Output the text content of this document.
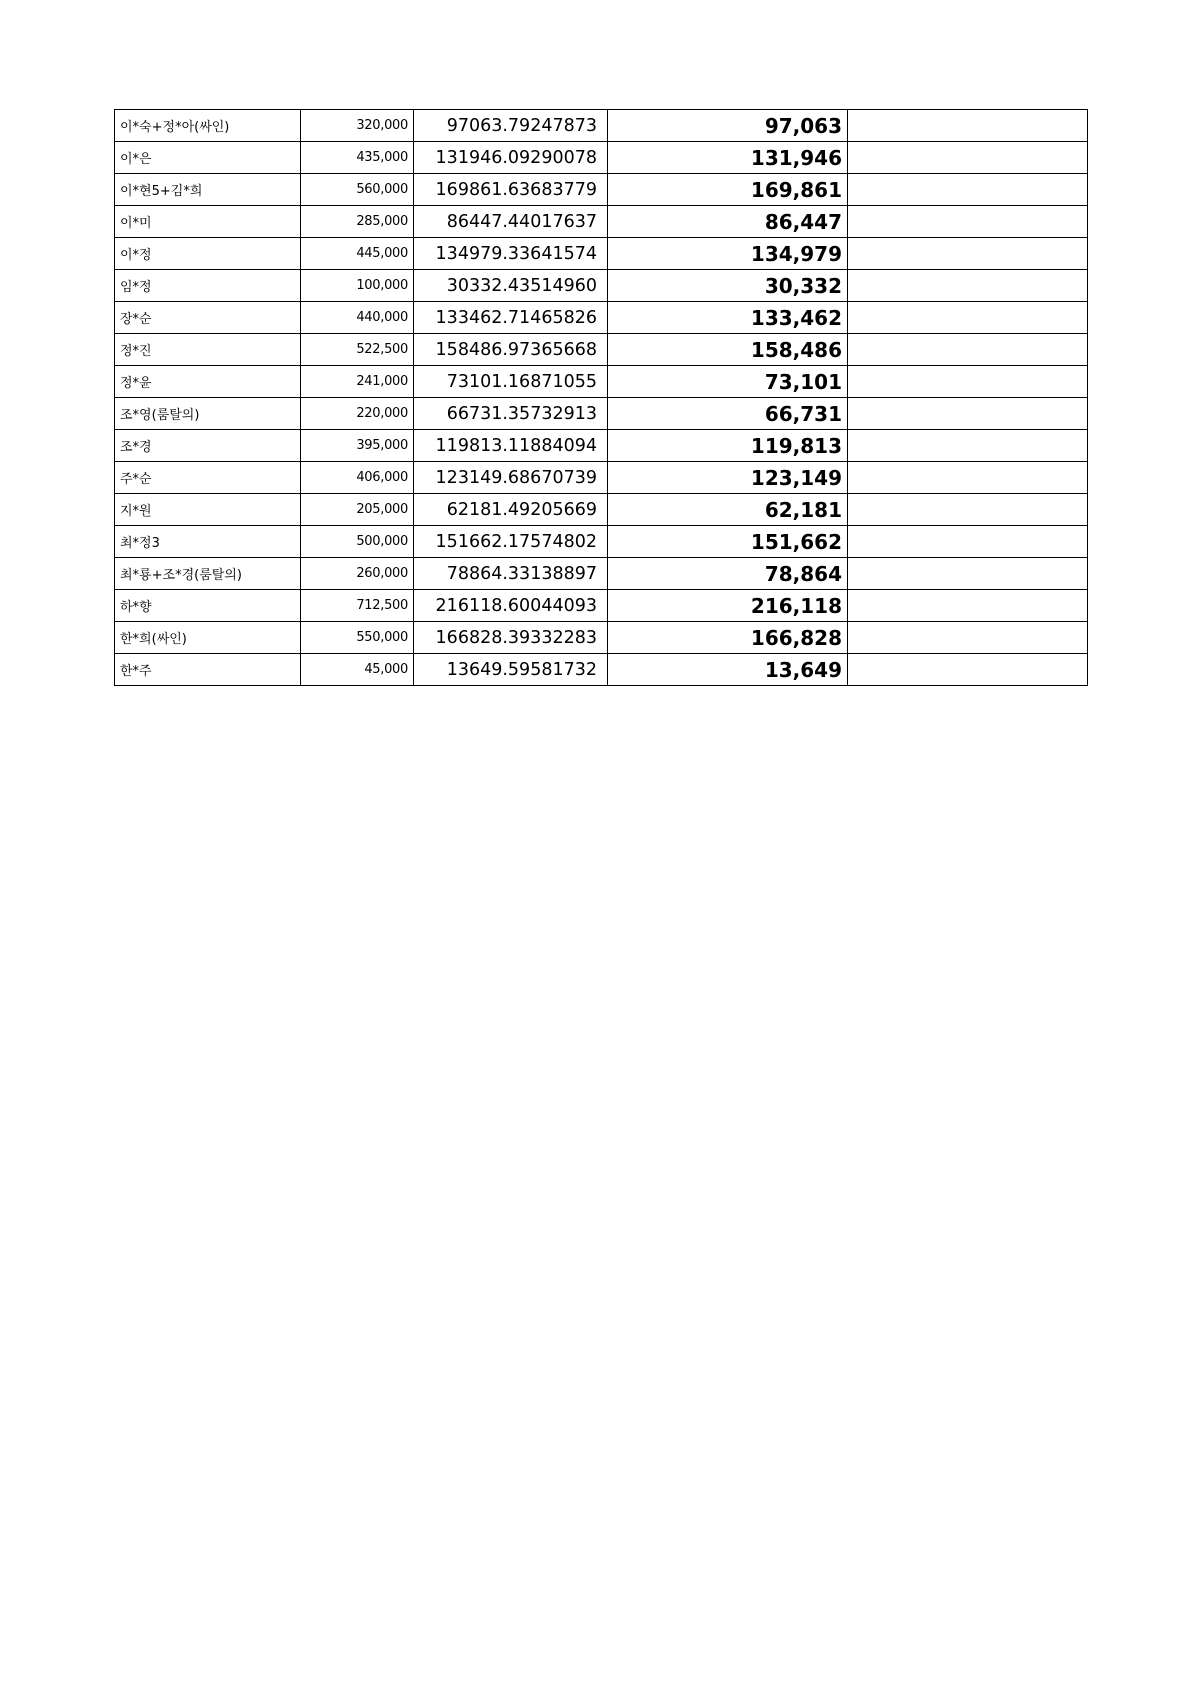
이*숙+정*아(싸인)	320,000	97063.79247873	97,063	
이*은	435,000	131946.09290078	131,946	
이*현5+김*희	560,000	169861.63683779	169,861	
이*미	285,000	86447.44017637	86,447	
이*정	445,000	134979.33641574	134,979	
임*정	100,000	30332.43514960	30,332	
장*순	440,000	133462.71465826	133,462	
정*진	522,500	158486.97365668	158,486	
정*윤	241,000	73101.16871055	73,101	
조*영(룸탈의)	220,000	66731.35732913	66,731	
조*경	395,000	119813.11884094	119,813	
주*순	406,000	123149.68670739	123,149	
지*원	205,000	62181.49205669	62,181	
최*정3	500,000	151662.17574802	151,662	
최*룡+조*경(룸탈의)	260,000	78864.33138897	78,864	
하*향	712,500	216118.60044093	216,118	
한*희(싸인)	550,000	166828.39332283	166,828	
한*주	45,000	13649.59581732	13,649	
